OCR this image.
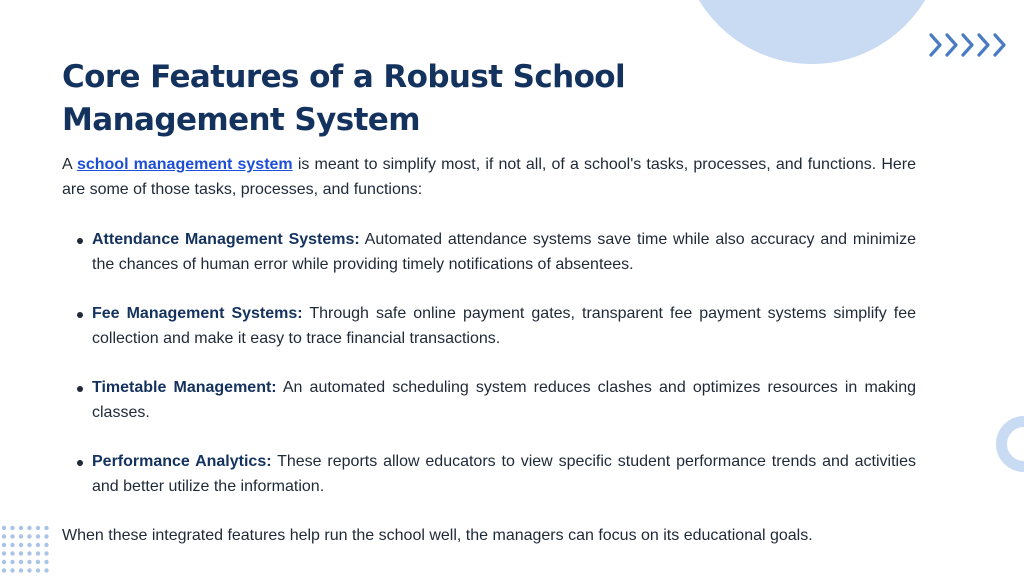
Core Features of a Robust School Management System

A school management system is meant to simplify most, if not all, of a school's tasks, processes, and functions. Here are some of those tasks, processes, and functions:

Attendance Management Systems: Automated attendance systems save time while also accuracy and minimize the chances of human error while providing timely notifications of absentees.
Fee Management Systems: Through safe online payment gates, transparent fee payment systems simplify fee collection and make it easy to trace financial transactions.
Timetable Management: An automated scheduling system reduces clashes and optimizes resources in making classes.
Performance Analytics: These reports allow educators to view specific student performance trends and activities and better utilize the information.

When these integrated features help run the school well, the managers can focus on its educational goals.
